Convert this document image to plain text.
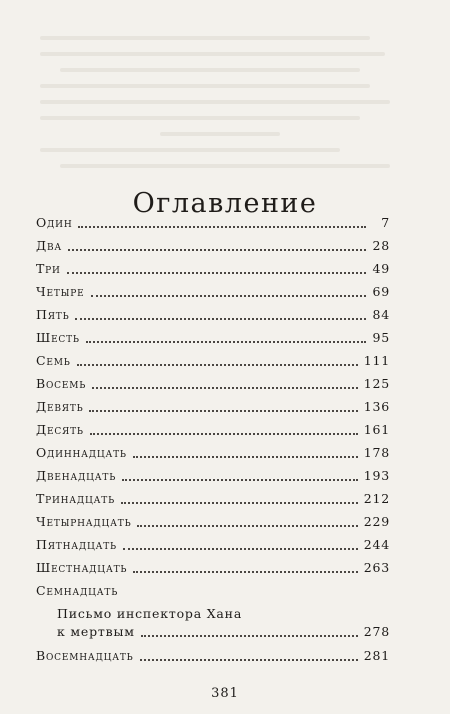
Оглавление
Один	7
Два	28
Три	49
Четыре	69
Пять	84
Шесть	95
Семь	111
Восемь	125
Девять	136
Десять	161
Одиннадцать	178
Двенадцать	193
Тринадцать	212
Четырнадцать	229
Пятнадцать	244
Шестнадцать	263
Семнадцать
Письмо инспектора Хана
к мертвым	278
Восемнадцать	281
381
